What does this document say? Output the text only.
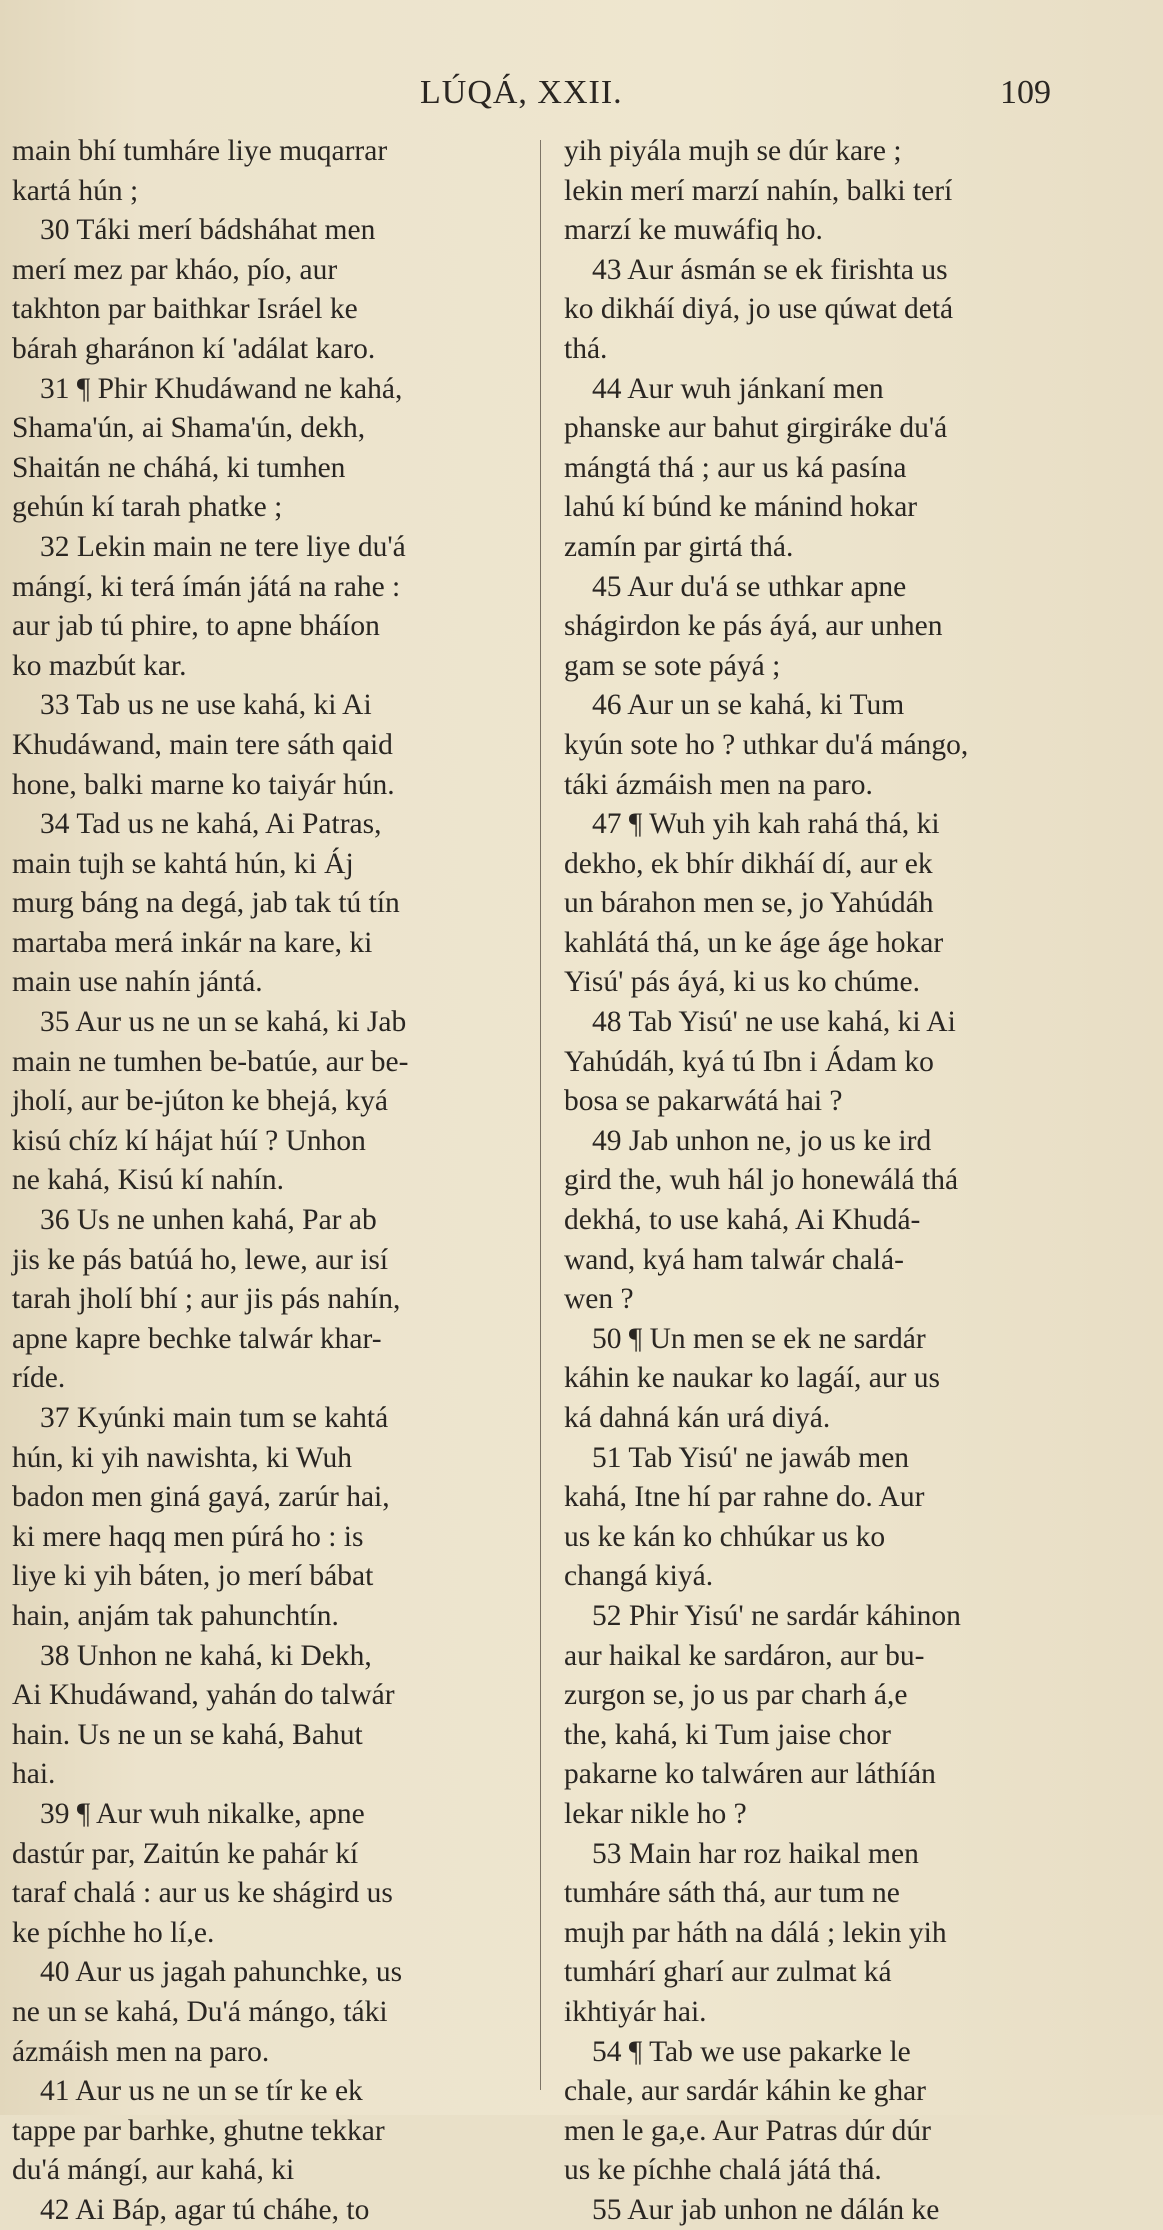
LÚQÁ, XXII.	109

main bhí tumháre liye muqarrar
kartá hún ;

30 Táki merí bádsháhat men
merí mez par kháo, pío, aur
takhton par baithkar Isráel ke
bárah gharánon kí 'adálat karo.

31 ¶ Phir Khudáwand ne kahá,
Shama'ún, ai Shama'ún, dekh,
Shaitán ne cháhá, ki tumhen
gehún kí tarah phatke ;

32 Lekin main ne tere liye du'á
mángí, ki terá ímán játá na rahe :
aur jab tú phire, to apne bháíon
ko mazbút kar.

33 Tab us ne use kahá, ki Ai
Khudáwand, main tere sáth qaid
hone, balki marne ko taiyár hún.

34 Tad us ne kahá, Ai Patras,
main tujh se kahtá hún, ki Áj
murg báng na degá, jab tak tú tín
martaba merá inkár na kare, ki
main use nahín jántá.

35 Aur us ne un se kahá, ki Jab
main ne tumhen be-batúe, aur be-
jholí, aur be-júton ke bhejá, kyá
kisú chíz kí hájat húí ? Unhon
ne kahá, Kisú kí nahín.

36 Us ne unhen kahá, Par ab
jis ke pás batúá ho, lewe, aur isí
tarah jholí bhí ; aur jis pás nahín,
apne kapre bechke talwár khar-
ríde.

37 Kyúnki main tum se kahtá
hún, ki yih nawishta, ki Wuh
badon men giná gayá, zarúr hai,
ki mere haqq men púrá ho : is
liye ki yih báten, jo merí bábat
hain, anjám tak pahunchtín.

38 Unhon ne kahá, ki Dekh,
Ai Khudáwand, yahán do talwár
hain. Us ne un se kahá, Bahut
hai.

39 ¶ Aur wuh nikalke, apne
dastúr par, Zaitún ke pahár kí
taraf chalá : aur us ke shágird us
ke píchhe ho lí,e.

40 Aur us jagah pahunchke, us
ne un se kahá, Du'á mángo, táki
ázmáish men na paro.

41 Aur us ne un se tír ke ek
tappe par barhke, ghutne tekkar
du'á mángí, aur kahá, ki

42 Ai Báp, agar tú cháhe, to

yih piyála mujh se dúr kare ;
lekin merí marzí nahín, balki terí
marzí ke muwáfiq ho.

43 Aur ásmán se ek firishta us
ko dikháí diyá, jo use qúwat detá
thá.

44 Aur wuh jánkaní men
phanske aur bahut girgiráke du'á
mángtá thá ; aur us ká pasína
lahú kí búnd ke mánind hokar
zamín par girtá thá.

45 Aur du'á se uthkar apne
shágirdon ke pás áyá, aur unhen
gam se sote páyá ;

46 Aur un se kahá, ki Tum
kyún sote ho ? uthkar du'á mángo,
táki ázmáish men na paro.

47 ¶ Wuh yih kah rahá thá, ki
dekho, ek bhír dikháí dí, aur ek
un bárahon men se, jo Yahúdáh
kahlátá thá, un ke áge áge hokar
Yisú' pás áyá, ki us ko chúme.

48 Tab Yisú' ne use kahá, ki Ai
Yahúdáh, kyá tú Ibn i Ádam ko
bosa se pakarwátá hai ?

49 Jab unhon ne, jo us ke ird
gird the, wuh hál jo honewálá thá
dekhá, to use kahá, Ai Khudá-
wand, kyá ham talwár chalá-
wen ?

50 ¶ Un men se ek ne sardár
káhin ke naukar ko lagáí, aur us
ká dahná kán urá diyá.

51 Tab Yisú' ne jawáb men
kahá, Itne hí par rahne do. Aur
us ke kán ko chhúkar us ko
changá kiyá.

52 Phir Yisú' ne sardár káhinon
aur haikal ke sardáron, aur bu-
zurgon se, jo us par charh á,e
the, kahá, ki Tum jaise chor
pakarne ko talwáren aur láthíán
lekar nikle ho ?

53 Main har roz haikal men
tumháre sáth thá, aur tum ne
mujh par háth na dálá ; lekin yih
tumhárí gharí aur zulmat ká
ikhtiyár hai.

54 ¶ Tab we use pakarke le
chale, aur sardár káhin ke ghar
men le ga,e. Aur Patras dúr dúr
us ke píchhe chalá játá thá.

55 Aur jab unhon ne dálán ke
